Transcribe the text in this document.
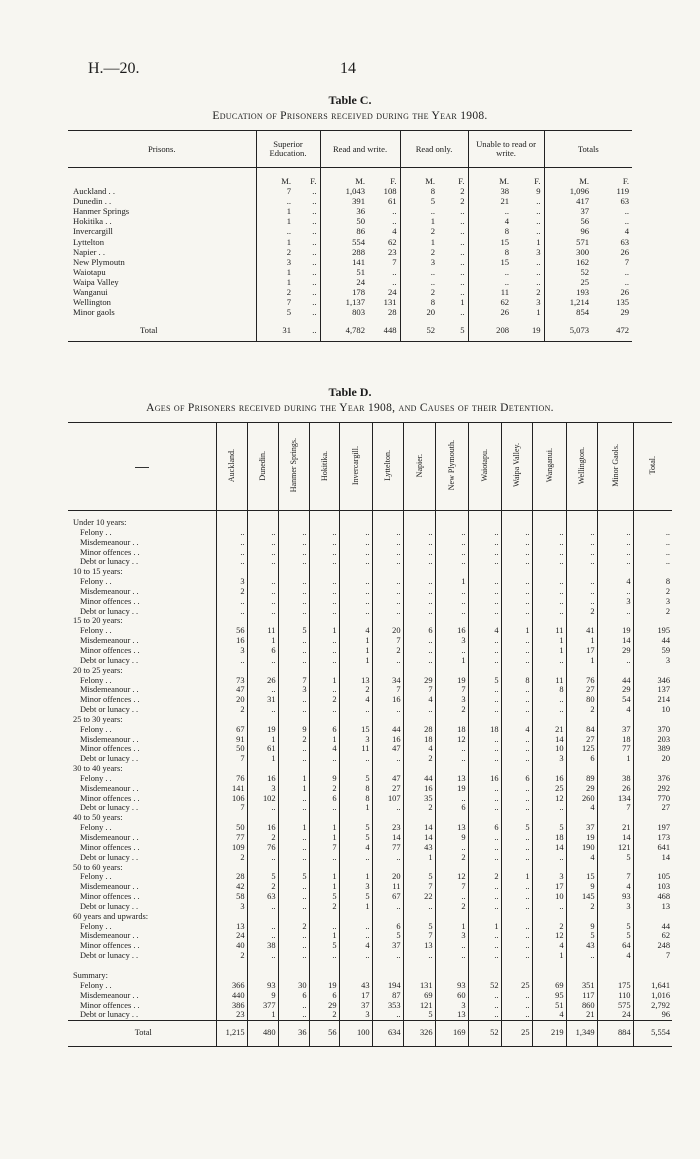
H.—20.	14
Table C.
Education of Prisoners received during the Year 1908.
Prisons.	Superior Education.		Read and write.		Read only.		Unable to read or write.		Totals	
	M.	F.	M.	F.	M.	F.	M.	F.	M.	F.
Auckland . .	7	..	1,043	108	8	2	38	9	1,096	119
Dunedin . .	..	..	391	61	5	2	21	..	417	63
Hanmer Springs	1	..	36	..	..	..	..	..	37	..
Hokitika . .	1	..	50	..	1	..	4	..	56	..
Invercargill	..	..	86	4	2	..	8	..	96	4
Lyttelton	1	..	554	62	1	..	15	1	571	63
Napier . .	2	..	288	23	2	..	8	3	300	26
New Plymoutn	3	..	141	7	3	..	15	..	162	7
Waiotapu	1	..	51	..	..	..	..	..	52	..
Waipa Valley	1	..	24	..	..	..	..	..	25	..
Wanganui	2	..	178	24	2	..	11	2	193	26
Wellington	7	..	1,137	131	8	1	62	3	1,214	135
Minor gaols	5	..	803	28	20	..	26	1	854	29
Total	31	..	4,782	448	52	5	208	19	5,073	472
Table D.
Ages of Prisoners received during the Year 1908, and Causes of their Detention.
	Auckland.	Dunedin.	Hanmer Springs.	Hokitika.	Invercargill.	Lyttelton.	Napier.	New Plymouth.	Waiotapu.	Waipa Valley.	Wanganui.	Wellington.	Minor Gaols.	Total.
Under 10 years:														
Felony . .	..	..	..	..	..	..	..	..	..	..	..	..	..	..
Misdemeanour . .	..	..	..	..	..	..	..	..	..	..	..	..	..	..
Minor offences . .	..	..	..	..	..	..	..	..	..	..	..	..	..	..
Debt or lunacy . .	..	..	..	..	..	..	..	..	..	..	..	..	..	..
10 to 15 years:														
Felony . .	3	..	..	..	..	..	..	1	..	..	..	..	4	8
Misdemeanour . .	2	..	..	..	..	..	..	..	..	..	..	..	..	2
Minor offences . .	..	..	..	..	..	..	..	..	..	..	..	..	3	3
Debt or lunacy . .	..	..	..	..	..	..	..	..	..	..	..	2	..	2
15 to 20 years:														
Felony . .	56	11	5	1	4	20	6	16	4	1	11	41	19	195
Misdemeanour . .	16	1	..	..	1	7	..	3	..	..	1	1	14	44
Minor offences . .	3	6	..	..	1	2	..	..	..	..	1	17	29	59
Debt or lunacy . .	..	..	..	..	1	..	..	1	..	..	..	1	..	3
20 to 25 years:														
Felony . .	73	26	7	1	13	34	29	19	5	8	11	76	44	346
Misdemeanour . .	47	..	3	..	2	7	7	7	..	..	8	27	29	137
Minor offences . .	20	31	..	2	4	16	4	3	..	..	..	80	54	214
Debt or lunacy . .	2	..	..	..	..	..	..	2	..	..	..	2	4	10
25 to 30 years:														
Felony . .	67	19	9	6	15	44	28	18	18	4	21	84	37	370
Misdemeanour . .	91	1	2	1	3	16	18	12	..	..	14	27	18	203
Minor offences . .	50	61	..	4	11	47	4	..	..	..	10	125	77	389
Debt or lunacy . .	7	1	..	..	..	..	2	..	..	..	3	6	1	20
30 to 40 years:														
Felony . .	76	16	1	9	5	47	44	13	16	6	16	89	38	376
Misdemeanour . .	141	3	1	2	8	27	16	19	..	..	25	29	26	292
Minor offences . .	106	102	..	6	8	107	35	..	..	..	12	260	134	770
Debt or lunacy . .	7	..	..	..	1	..	2	6	..	..	..	4	7	27
40 to 50 years:														
Felony . .	50	16	1	1	5	23	14	13	6	5	5	37	21	197
Misdemeanour . .	77	2	..	1	5	14	14	9	..	..	18	19	14	173
Minor offences . .	109	76	..	7	4	77	43	..	..	..	14	190	121	641
Debt or lunacy . .	2	..	..	..	..	..	1	2	..	..	..	4	5	14
50 to 60 years:														
Felony . .	28	5	5	1	1	20	5	12	2	1	3	15	7	105
Misdemeanour . .	42	2	..	1	3	11	7	7	..	..	17	9	4	103
Minor offences . .	58	63	..	5	5	67	22	..	..	..	10	145	93	468
Debt or lunacy . .	3	..	..	2	1	..	..	2	..	..	..	2	3	13
60 years and upwards:														
Felony . .	13	..	2	..	..	6	5	1	1	..	2	9	5	44
Misdemeanour . .	24	..	..	1	..	5	7	3	..	..	12	5	5	62
Minor offences . .	40	38	..	5	4	37	13	..	..	..	4	43	64	248
Debt or lunacy . .	2	..	..	..	..	..	..	..	..	..	1	..	4	7
Summary:														
Felony . .	366	93	30	19	43	194	131	93	52	25	69	351	175	1,641
Misdemeanour . .	440	9	6	6	17	87	69	60	..	..	95	117	110	1,016
Minor offences . .	386	377	..	29	37	353	121	3	..	..	51	860	575	2,792
Debt or lunacy . .	23	1	..	2	3	..	5	13	..	..	4	21	24	96
Total	1,215	480	36	56	100	634	326	169	52	25	219	1,349	884	5,554
